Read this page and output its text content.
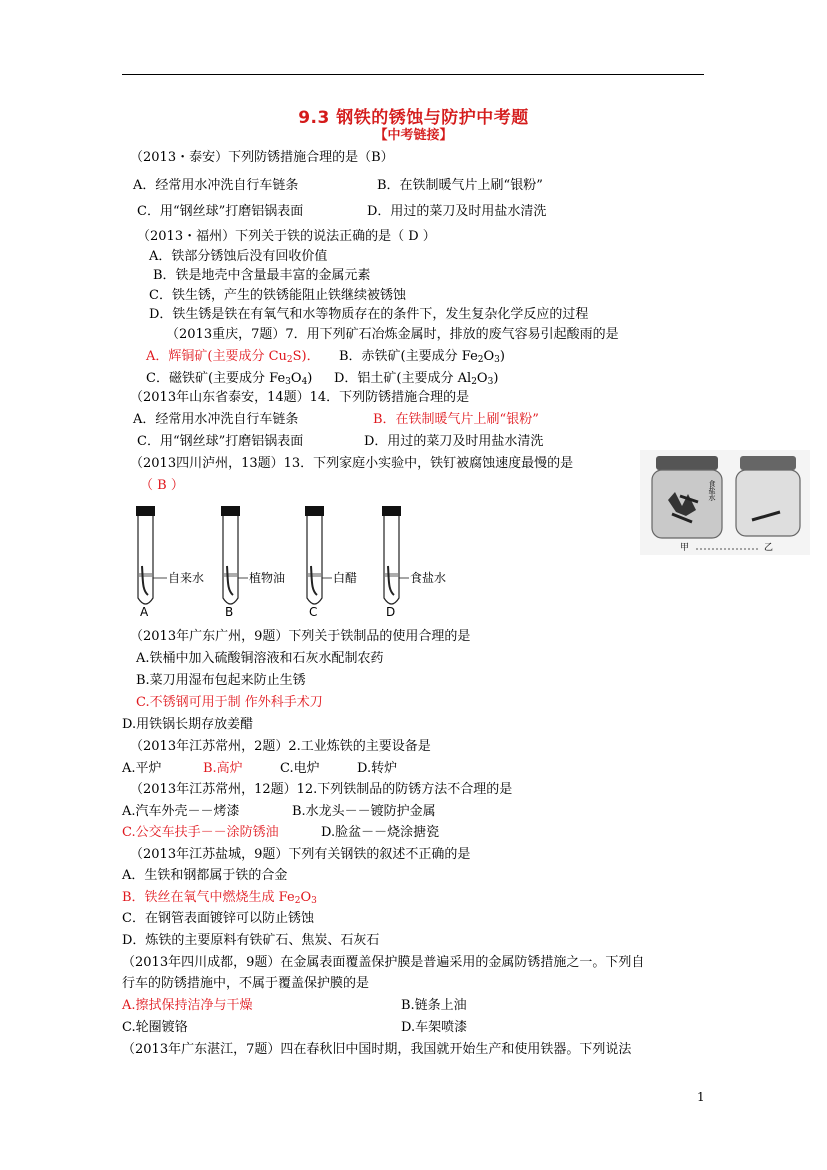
9.3 钢铁的锈蚀与防护中考题
【中考链接】
（2013・泰安）下列防锈措施合理的是（B）
A．经常用水冲洗自行车链条	B．在铁制暖气片上刷“银粉”
C．用“钢丝球”打磨铝锅表面	D．用过的菜刀及时用盐水清洗
（2013・福州）下列关于铁的说法正确的是（ D ）
A．铁部分锈蚀后没有回收价值
B．铁是地壳中含量最丰富的金属元素
C．铁生锈，产生的铁锈能阻止铁继续被锈蚀
D．铁生锈是铁在有氧气和水等物质存在的条件下，发生复杂化学反应的过程
（2013重庆，7题）7．用下列矿石冶炼金属时，排放的废气容易引起酸雨的是
A．辉铜矿(主要成分 $Cu_2S$)． B．赤铁矿(主要成分 $Fe_2O_3$)
C．磁铁矿(主要成分 $Fe_3O_4$) D．铝土矿(主要成分 $Al_2O_3$)
（2013年山东省泰安，14题）14．下列防锈措施合理的是
A．经常用水冲洗自行车链条	B．在铁制暖气片上刷“银粉”
C．用“钢丝球”打磨铝锅表面	D．用过的菜刀及时用盐水清洗
（2013四川泸州，13题）13．下列家庭小实验中，铁钉被腐蚀速度最慢的是
（ B ）
自来水
A
植物油
B
白醋
C
食盐水
D
食盐水
甲	乙
（2013年广东广州，9题）下列关于铁制品的使用合理的是
A.铁桶中加入硫酸铜溶液和石灰水配制农药
B.菜刀用湿布包起来防止生锈
C.不锈钢可用于制 作外科手术刀
D.用铁锅长期存放姜醋
（2013年江苏常州，2题）2.工业炼铁的主要设备是
A.平炉	B.高炉	C.电炉	D.转炉
（2013年江苏常州，12题）12.下列铁制品的防锈方法不合理的是
A.汽车外壳－－烤漆	B.水龙头－－镀防护金属
C.公交车扶手－－涂防锈油	D.脸盆－－烧涂搪瓷
（2013年江苏盐城，9题）下列有关钢铁的叙述不正确的是
A．生铁和钢都属于铁的合金
B．铁丝在氧气中燃烧生成 $Fe_2O_3$
C．在钢管表面镀锌可以防止锈蚀
D．炼铁的主要原料有铁矿石、焦炭、石灰石
（2013年四川成都，9题）在金属表面覆盖保护膜是普遍采用的金属防锈措施之一。下列自
行车的防锈措施中，不属于覆盖保护膜的是
A.擦拭保持洁净与干燥	B.链条上油
C.轮圈镀铬	D.车架喷漆
（2013年广东湛江，7题）四在春秋旧中国时期，我国就开始生产和使用铁器。下列说法
1
